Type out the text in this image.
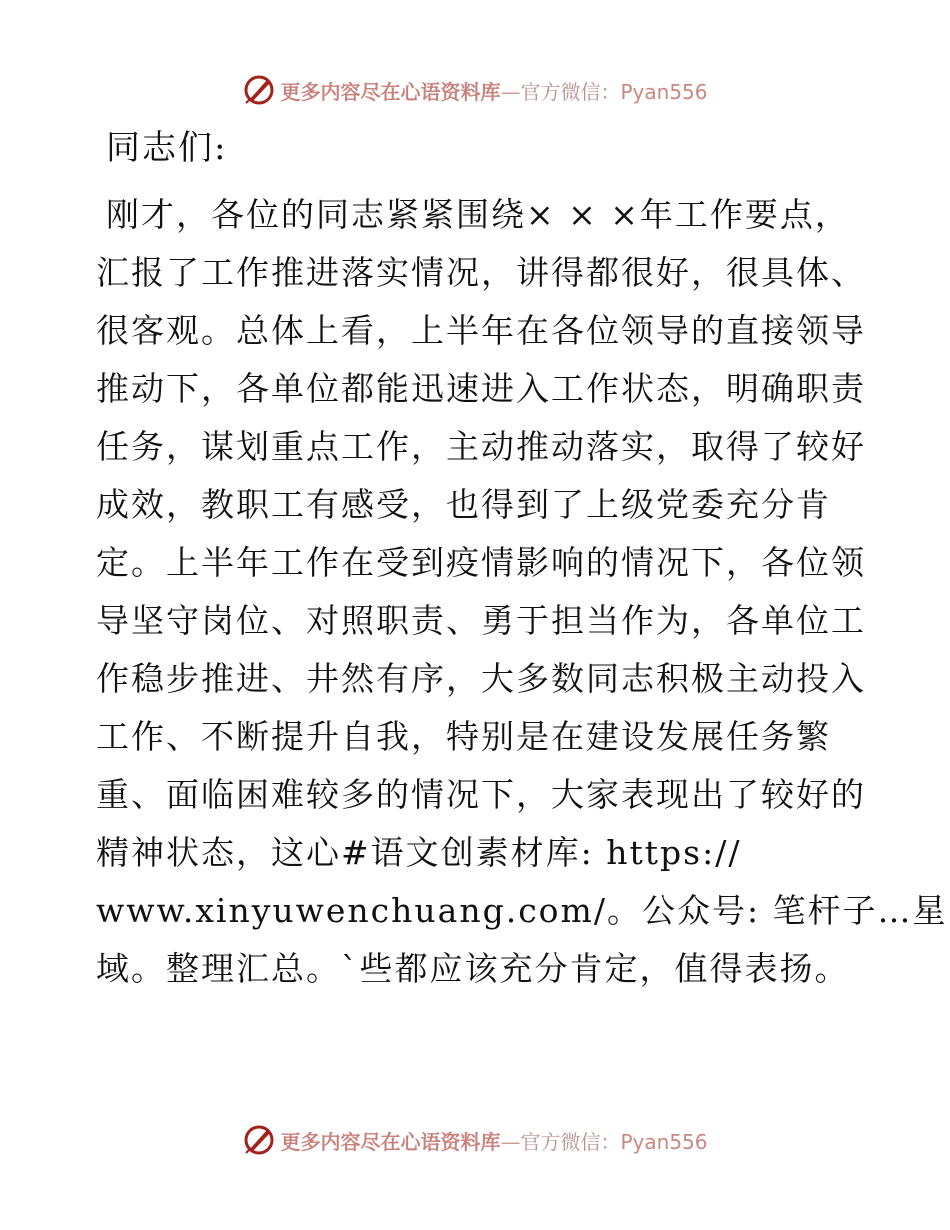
更多内容尽在心语资料库—官方微信：Pyan556
同志们:
刚才，各位的同志紧紧围绕× × ×年工作要点，
汇报了工作推进落实情况，讲得都很好，很具体、
很客观。总体上看，上半年在各位领导的直接领导
推动下，各单位都能迅速进入工作状态，明确职责
任务，谋划重点工作，主动推动落实，取得了较好
成效，教职工有感受，也得到了上级党委充分肯
定。上半年工作在受到疫情影响的情况下，各位领
导坚守岗位、对照职责、勇于担当作为，各单位工
作稳步推进、井然有序，大多数同志积极主动投入
工作、不断提升自我，特别是在建设发展任务繁
重、面临困难较多的情况下，大家表现出了较好的
精神状态，这心#语文创素材库: https://
www.xinyuwenchuang.com/。公众号: 笔杆子…星
域。整理汇总。`些都应该充分肯定，值得表扬。
更多内容尽在心语资料库—官方微信：Pyan556
